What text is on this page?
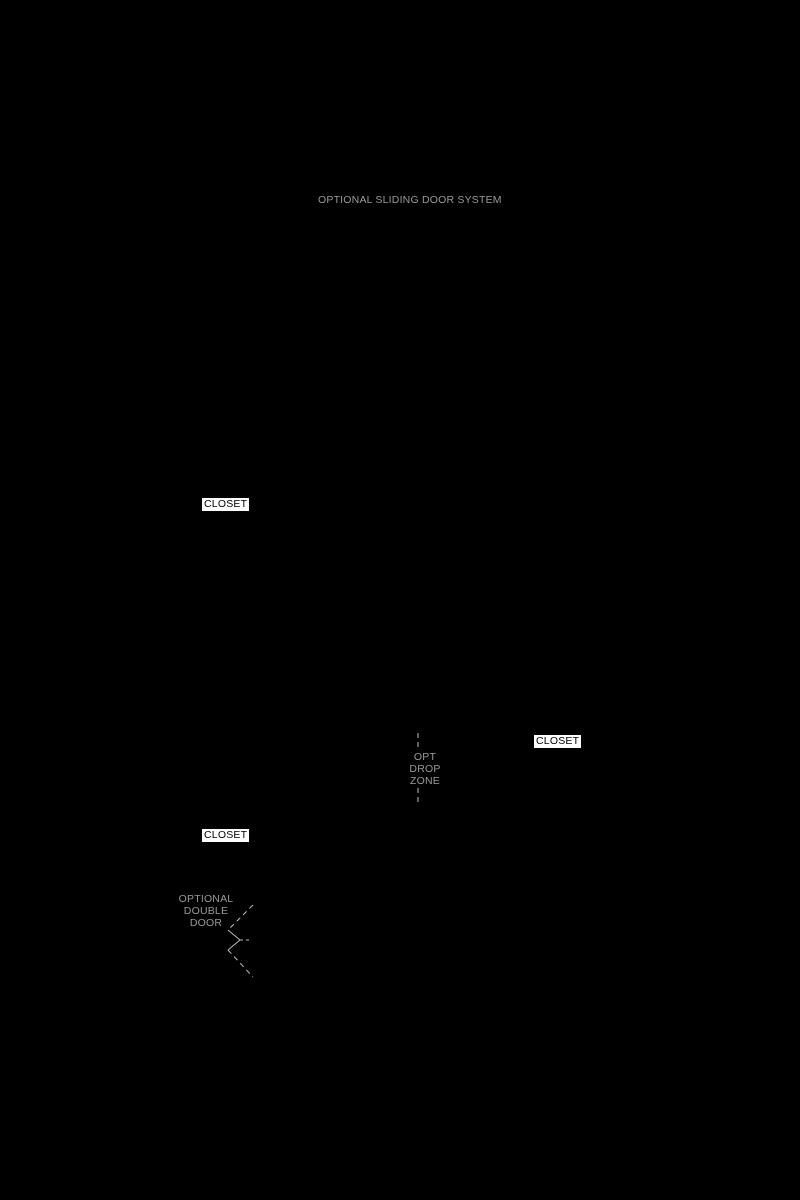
OPTIONAL SLIDING DOOR SYSTEM
CLOSET
CLOSET
CLOSET
OPT
DROP
ZONE
OPTIONAL
DOUBLE
DOOR
